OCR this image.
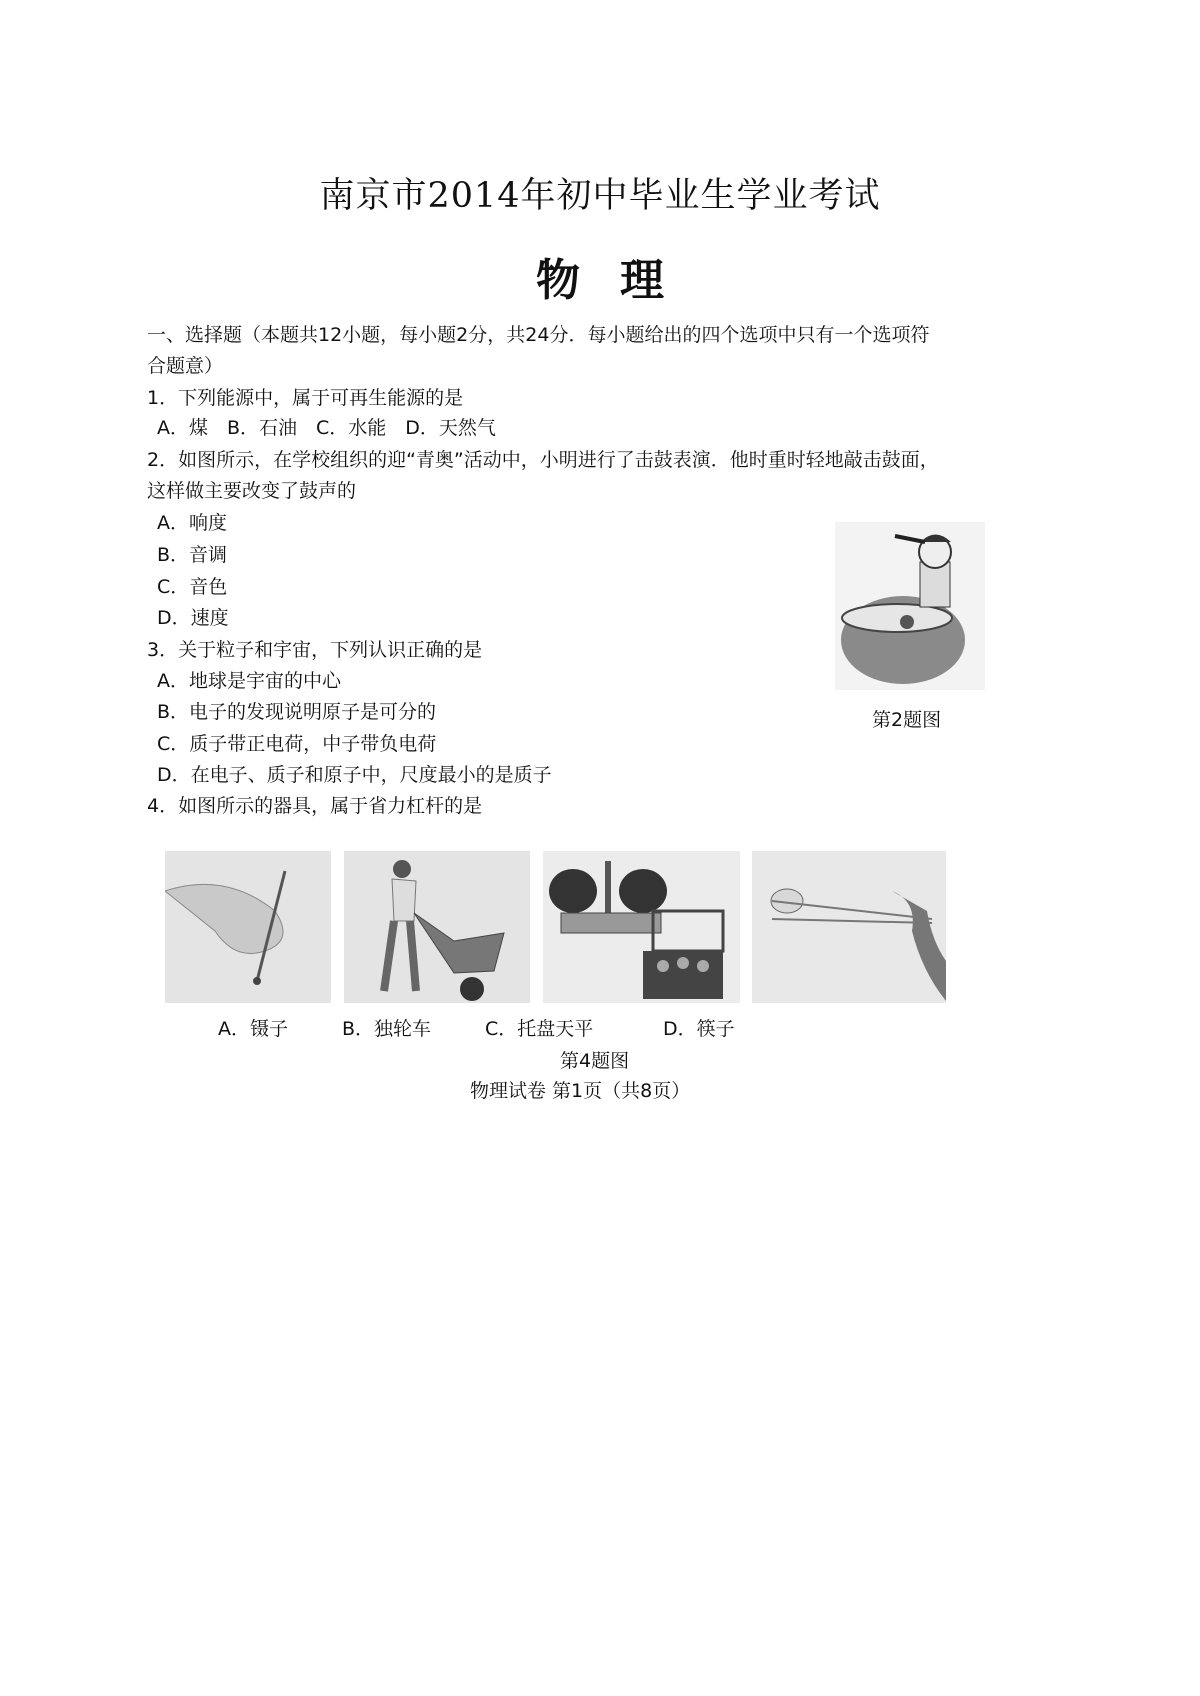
南京市2014年初中毕业生学业考试
物理
一、选择题（本题共12小题，每小题2分，共24分．每小题给出的四个选项中只有一个选项符
合题意）
1．下列能源中，属于可再生能源的是
A．煤　B．石油　C．水能　D．天然气
2．如图所示，在学校组织的迎“青奥”活动中，小明进行了击鼓表演．他时重时轻地敲击鼓面，
这样做主要改变了鼓声的
A．响度
B．音调
C．音色
D．速度
第2题图
3．关于粒子和宇宙，下列认识正确的是
A．地球是宇宙的中心
B．电子的发现说明原子是可分的
C．质子带正电荷，中子带负电荷
D．在电子、质子和原子中，尺度最小的是质子
4．如图所示的器具，属于省力杠杆的是
A．镊子	B．独轮车	C．托盘天平	D．筷子
第4题图
物理试卷 第1页（共8页）
